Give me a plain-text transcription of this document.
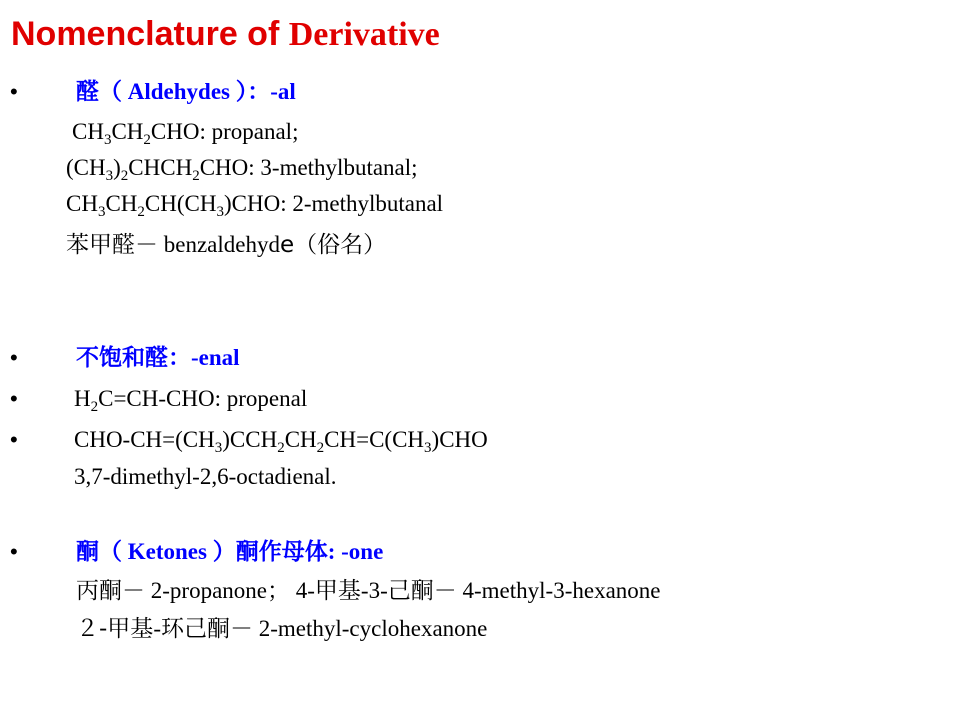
Nomenclature of Derivative
•	醛（ Aldehydes ）：-al
$CH_3CH_2CHO$: propanal;
$(CH_3)_2CHCH_2CHO$: 3-methylbutanal;
$CH_3CH_2CH(CH_3)CHO$: 2-methylbutanal
苯甲醛－ benzaldehyde（俗名）
•	不饱和醛：-enal
• $H_2C=CH$-CHO: propenal
• CHO-$CH=(CH_3)CCH_2CH_2CH=C(CH_3)CHO$
3,7-dimethyl-2,6-octadienal.
•	酮（ Ketones ）酮作母体: -one
丙酮－ 2-propanone； 4-甲基-3-己酮－ 4-methyl-3-hexanone
２-甲基-环己酮－ 2-methyl-cyclohexanone
